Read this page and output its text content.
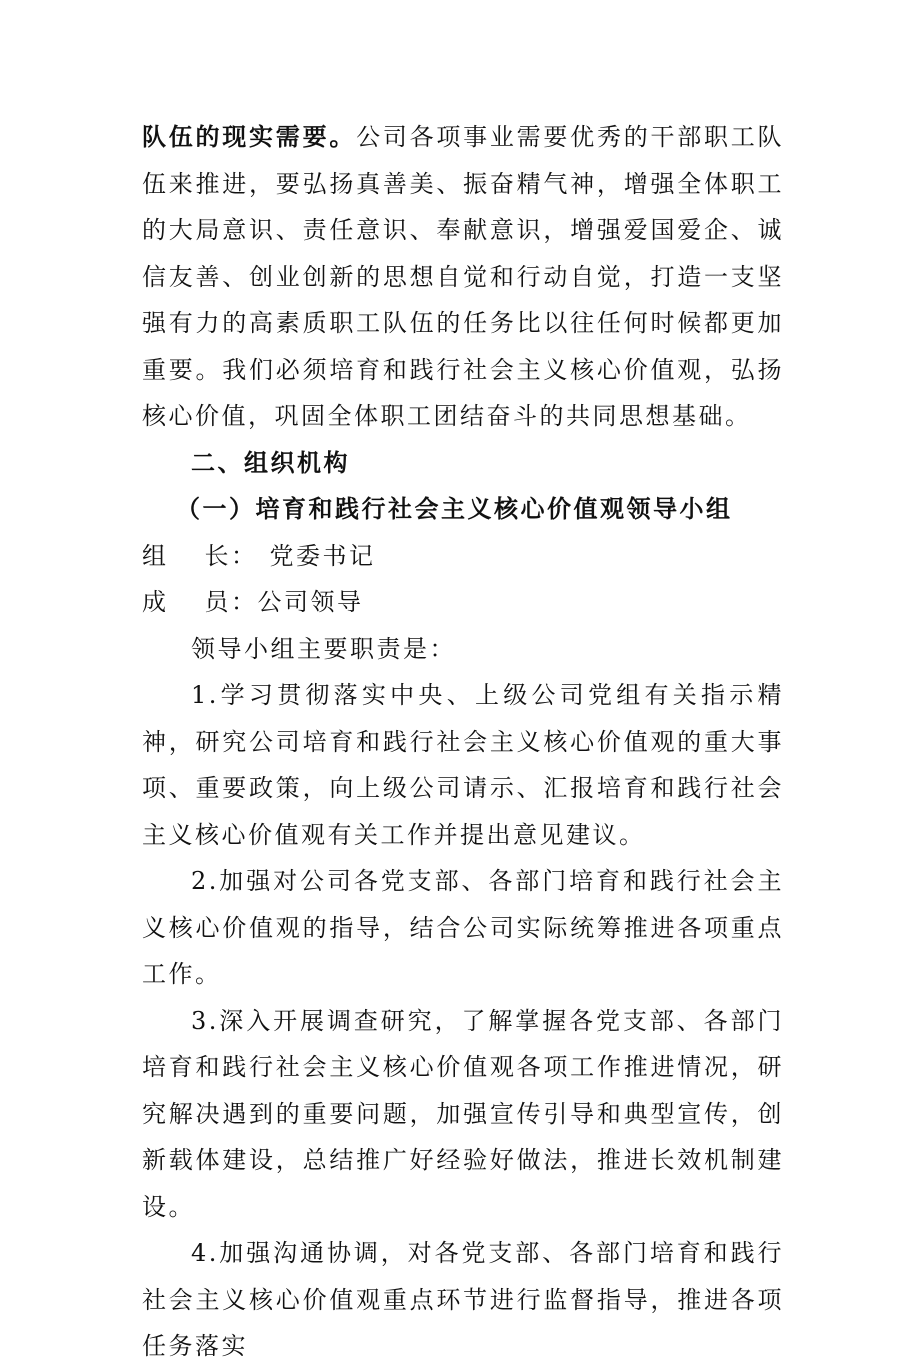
队伍的现实需要。公司各项事业需要优秀的干部职工队伍来推进，要弘扬真善美、振奋精气神，增强全体职工的大局意识、责任意识、奉献意识，增强爱国爱企、诚信友善、创业创新的思想自觉和行动自觉，打造一支坚强有力的高素质职工队伍的任务比以往任何时候都更加重要。我们必须培育和践行社会主义核心价值观，弘扬核心价值，巩固全体职工团结奋斗的共同思想基础。

二、组织机构

（一）培育和践行社会主义核心价值观领导小组

组 长： 党委书记

成 员：公司领导

领导小组主要职责是：

1.学习贯彻落实中央、上级公司党组有关指示精神，研究公司培育和践行社会主义核心价值观的重大事项、重要政策，向上级公司请示、汇报培育和践行社会主义核心价值观有关工作并提出意见建议。

2.加强对公司各党支部、各部门培育和践行社会主义核心价值观的指导，结合公司实际统筹推进各项重点工作。

3.深入开展调查研究，了解掌握各党支部、各部门培育和践行社会主义核心价值观各项工作推进情况，研究解决遇到的重要问题，加强宣传引导和典型宣传，创新载体建设，总结推广好经验好做法，推进长效机制建设。

4.加强沟通协调，对各党支部、各部门培育和践行社会主义核心价值观重点环节进行监督指导，推进各项任务落实
